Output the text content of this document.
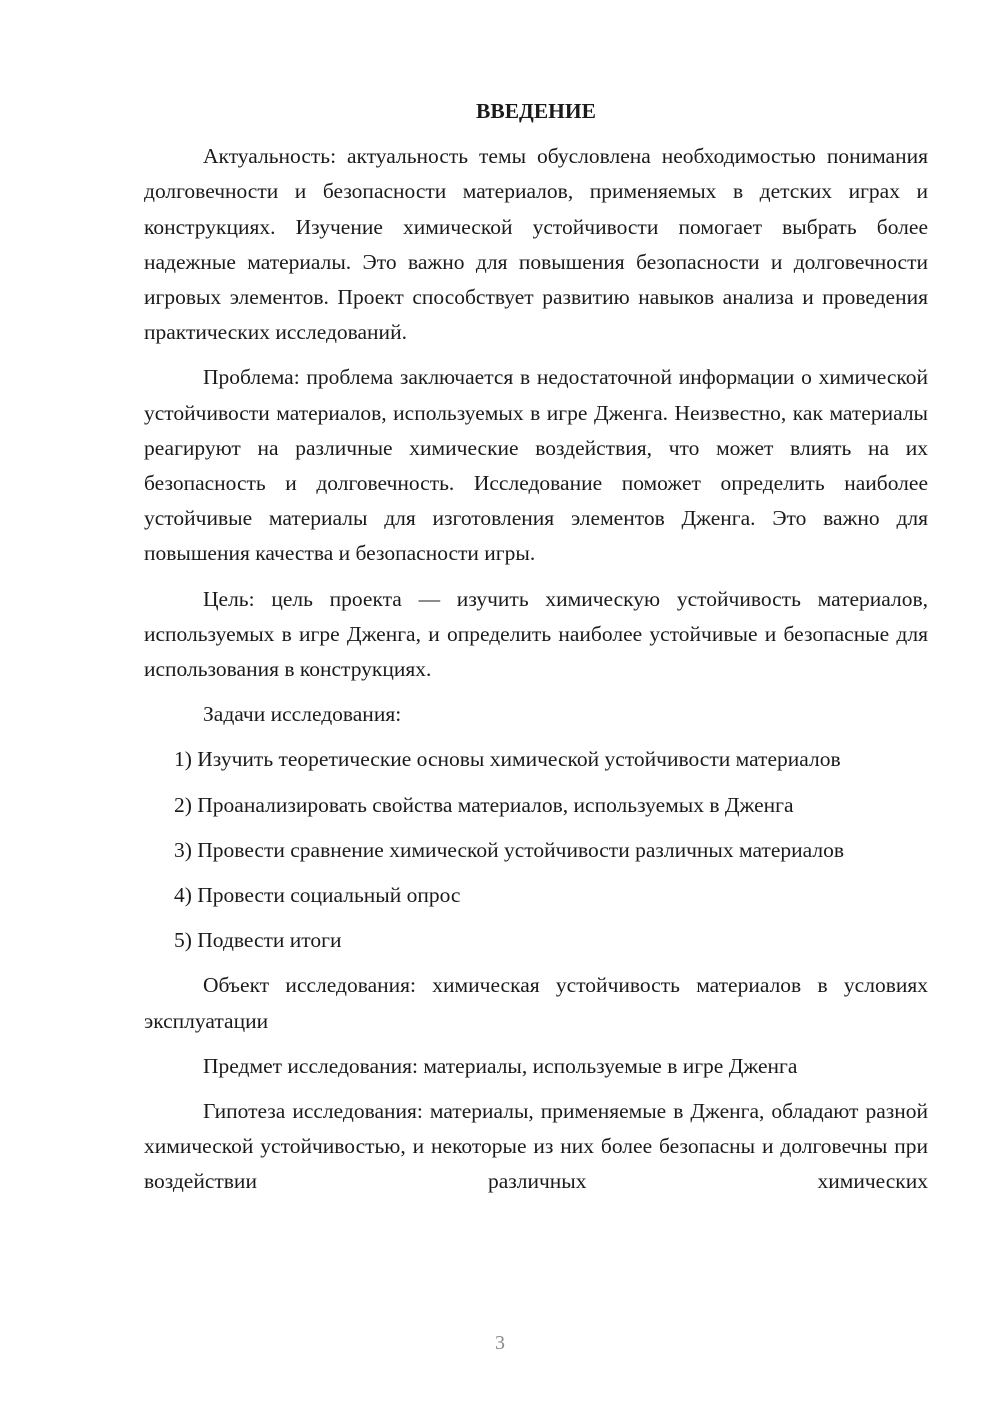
ВВЕДЕНИЕ

Актуальность: актуальность темы обусловлена необходимостью понимания долговечности и безопасности материалов, применяемых в детских играх и конструкциях. Изучение химической устойчивости помогает выбрать более надежные материалы. Это важно для повышения безопасности и долговечности игровых элементов. Проект способствует развитию навыков анализа и проведения практических исследований.

Проблема: проблема заключается в недостаточной информации о химической устойчивости материалов, используемых в игре Дженга. Неизвестно, как материалы реагируют на различные химические воздействия, что может влиять на их безопасность и долговечность. Исследование поможет определить наиболее устойчивые материалы для изготовления элементов Дженга. Это важно для повышения качества и безопасности игры.

Цель: цель проекта — изучить химическую устойчивость материалов, используемых в игре Дженга, и определить наиболее устойчивые и безопасные для использования в конструкциях.

Задачи исследования:

1) Изучить теоретические основы химической устойчивости материалов

2) Проанализировать свойства материалов, используемых в Дженга

3) Провести сравнение химической устойчивости различных материалов

4) Провести социальный опрос

5) Подвести итоги

Объект исследования: химическая устойчивость материалов в условиях эксплуатации

Предмет исследования: материалы, используемые в игре Дженга

Гипотеза исследования: материалы, применяемые в Дженга, обладают разной химической устойчивостью, и некоторые из них более безопасны и долговечны при воздействии различных химических

3
